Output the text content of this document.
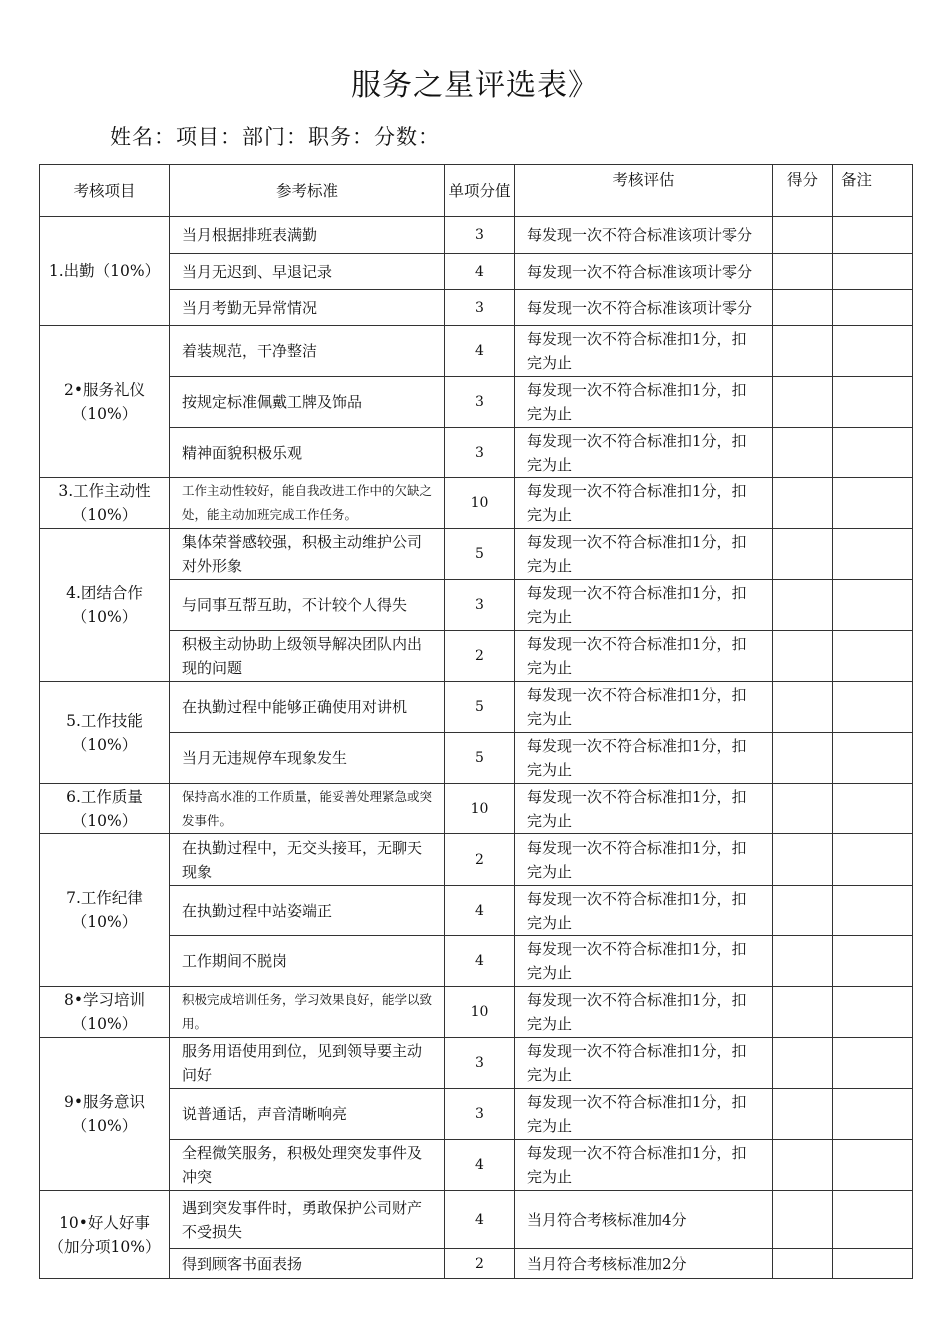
服务之星评选表》
姓名：项目：部门：职务：分数：
考核项目	参考标准	单项分值	考核评估	得分	备注
1.出勤（10%）	当月根据排班表满勤	3	每发现一次不符合标准该项计零分		
	当月无迟到、早退记录	4	每发现一次不符合标准该项计零分		
	当月考勤无异常情况	3	每发现一次不符合标准该项计零分		
2•服务礼仪（10%）	着装规范，干净整洁	4	每发现一次不符合标准扣1分，扣完为止		
	按规定标准佩戴工牌及饰品	3	每发现一次不符合标准扣1分，扣完为止		
	精神面貌积极乐观	3	每发现一次不符合标准扣1分，扣完为止		
3.工作主动性（10%）	工作主动性较好，能自我改进工作中的欠缺之处，能主动加班完成工作任务。	10	每发现一次不符合标准扣1分，扣完为止		
4.团结合作（10%）	集体荣誉感较强，积极主动维护公司对外形象	5	每发现一次不符合标准扣1分，扣完为止		
	与同事互帮互助，不计较个人得失	3	每发现一次不符合标准扣1分，扣完为止		
	积极主动协助上级领导解决团队内出现的问题	2	每发现一次不符合标准扣1分，扣完为止		
5.工作技能（10%）	在执勤过程中能够正确使用对讲机	5	每发现一次不符合标准扣1分，扣完为止		
	当月无违规停车现象发生	5	每发现一次不符合标准扣1分，扣完为止		
6.工作质量（10%）	保持高水准的工作质量，能妥善处理紧急或突发事件。	10	每发现一次不符合标准扣1分，扣完为止		
7.工作纪律（10%）	在执勤过程中，无交头接耳，无聊天现象	2	每发现一次不符合标准扣1分，扣完为止		
	在执勤过程中站姿端正	4	每发现一次不符合标准扣1分，扣完为止		
	工作期间不脱岗	4	每发现一次不符合标准扣1分，扣完为止		
8•学习培训（10%）	积极完成培训任务，学习效果良好，能学以致用。	10	每发现一次不符合标准扣1分，扣完为止		
9•服务意识（10%）	服务用语使用到位，见到领导要主动问好	3	每发现一次不符合标准扣1分，扣完为止		
	说普通话，声音清晰响亮	3	每发现一次不符合标准扣1分，扣完为止		
	全程微笑服务，积极处理突发事件及冲突	4	每发现一次不符合标准扣1分，扣完为止		
10•好人好事（加分项10%）	遇到突发事件时，勇敢保护公司财产不受损失	4	当月符合考核标准加4分		
	得到顾客书面表扬	2	当月符合考核标准加2分		
